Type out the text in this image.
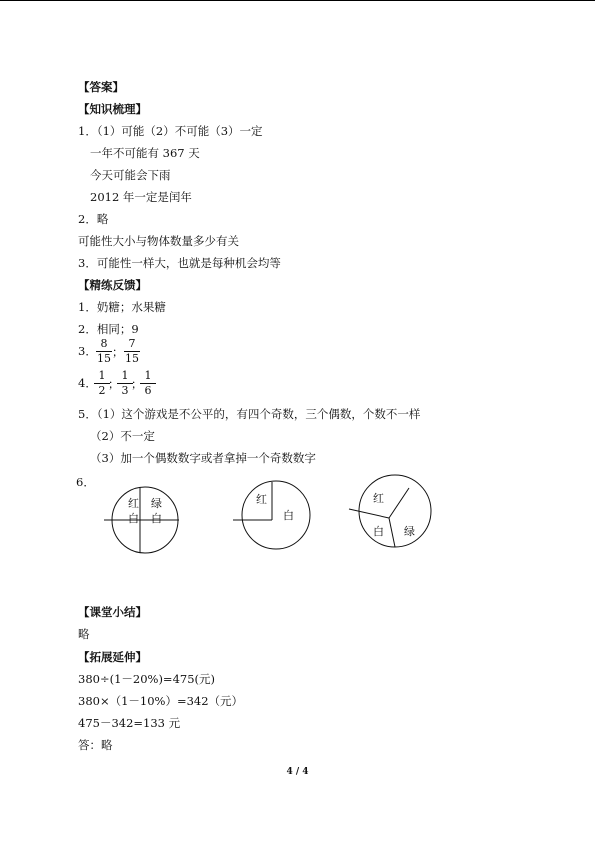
【答案】
【知识梳理】
1．（1）可能（2）不可能（3）一定
一年不可能有 367 天
今天可能会下雨
2012 年一定是闰年
2．略
可能性大小与物体数量多少有关
3．可能性一样大，也就是每种机会均等
【精练反馈】
1．奶糖；水果糖
2．相同；9
3．
8
15 ；
7
15
4．
1
2 ；
1
3 ；
1
6
5．（1）这个游戏是不公平的，有四个奇数，三个偶数，个数不一样
（2）不一定
（3）加一个偶数数字或者拿掉一个奇数数字
6．
红 绿
白 白
红
白
红
白 绿
【课堂小结】
略
【拓展延伸】
380÷(1－20%)=475(元)
380×（1－10%）=342（元）
475－342=133 元
答：略
4 / 4
